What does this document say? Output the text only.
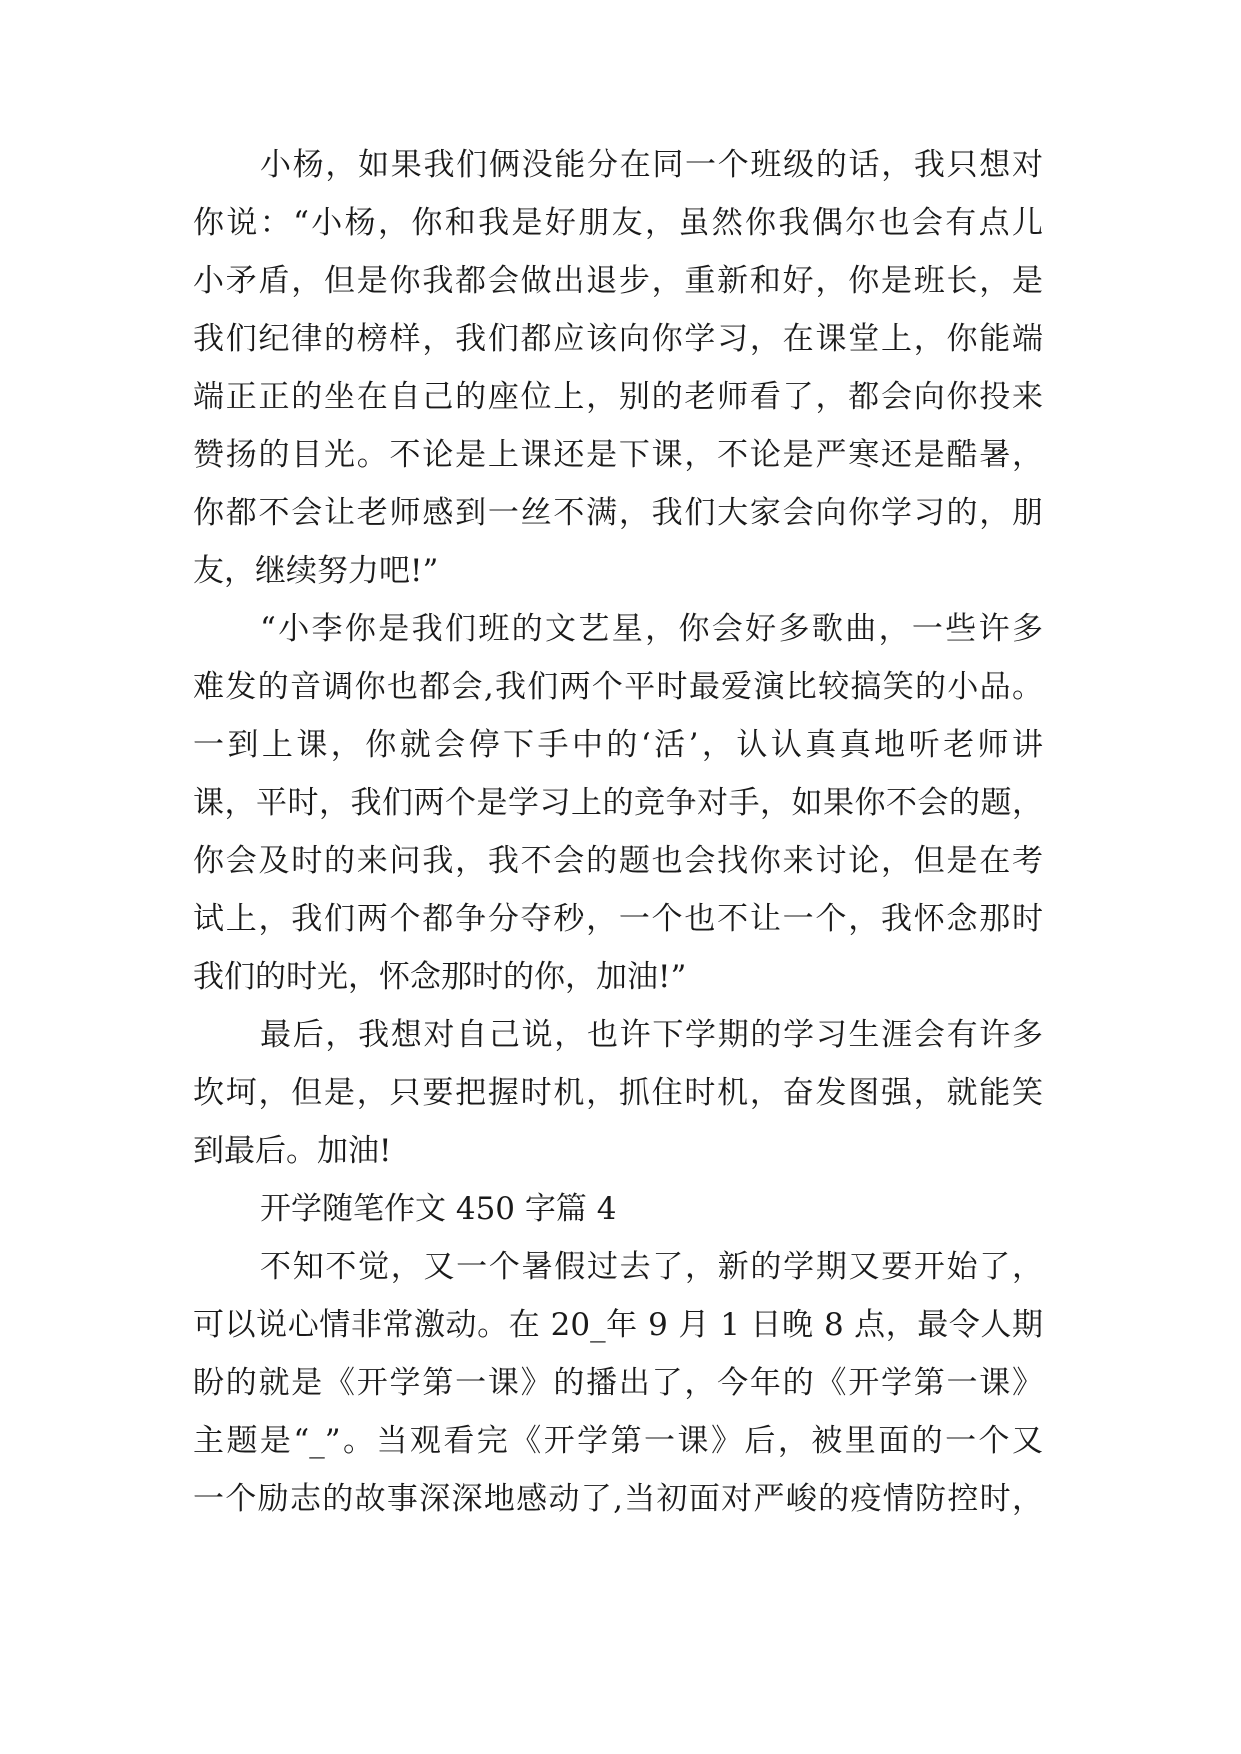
小杨，如果我们俩没能分在同一个班级的话，我只想对
你说：“小杨，你和我是好朋友，虽然你我偶尔也会有点儿
小矛盾，但是你我都会做出退步，重新和好，你是班长，是
我们纪律的榜样，我们都应该向你学习，在课堂上，你能端
端正正的坐在自己的座位上，别的老师看了，都会向你投来
赞扬的目光。不论是上课还是下课，不论是严寒还是酷暑，
你都不会让老师感到一丝不满，我们大家会向你学习的，朋
友，继续努力吧!”
“小李你是我们班的文艺星，你会好多歌曲，一些许多
难发的音调你也都会,我们两个平时最爱演比较搞笑的小品。
一到上课，你就会停下手中的‘活’，认认真真地听老师讲
课，平时，我们两个是学习上的竞争对手，如果你不会的题，
你会及时的来问我，我不会的题也会找你来讨论，但是在考
试上，我们两个都争分夺秒，一个也不让一个，我怀念那时
我们的时光，怀念那时的你，加油!”
最后，我想对自己说，也许下学期的学习生涯会有许多
坎坷，但是，只要把握时机，抓住时机，奋发图强，就能笑
到最后。加油!
开学随笔作文 450 字篇 4
不知不觉，又一个暑假过去了，新的学期又要开始了，
可以说心情非常激动。在 20_年 9 月 1 日晚 8 点，最令人期
盼的就是《开学第一课》的播出了，今年的《开学第一课》
主题是“_”。当观看完《开学第一课》后，被里面的一个又
一个励志的故事深深地感动了,当初面对严峻的疫情防控时，
